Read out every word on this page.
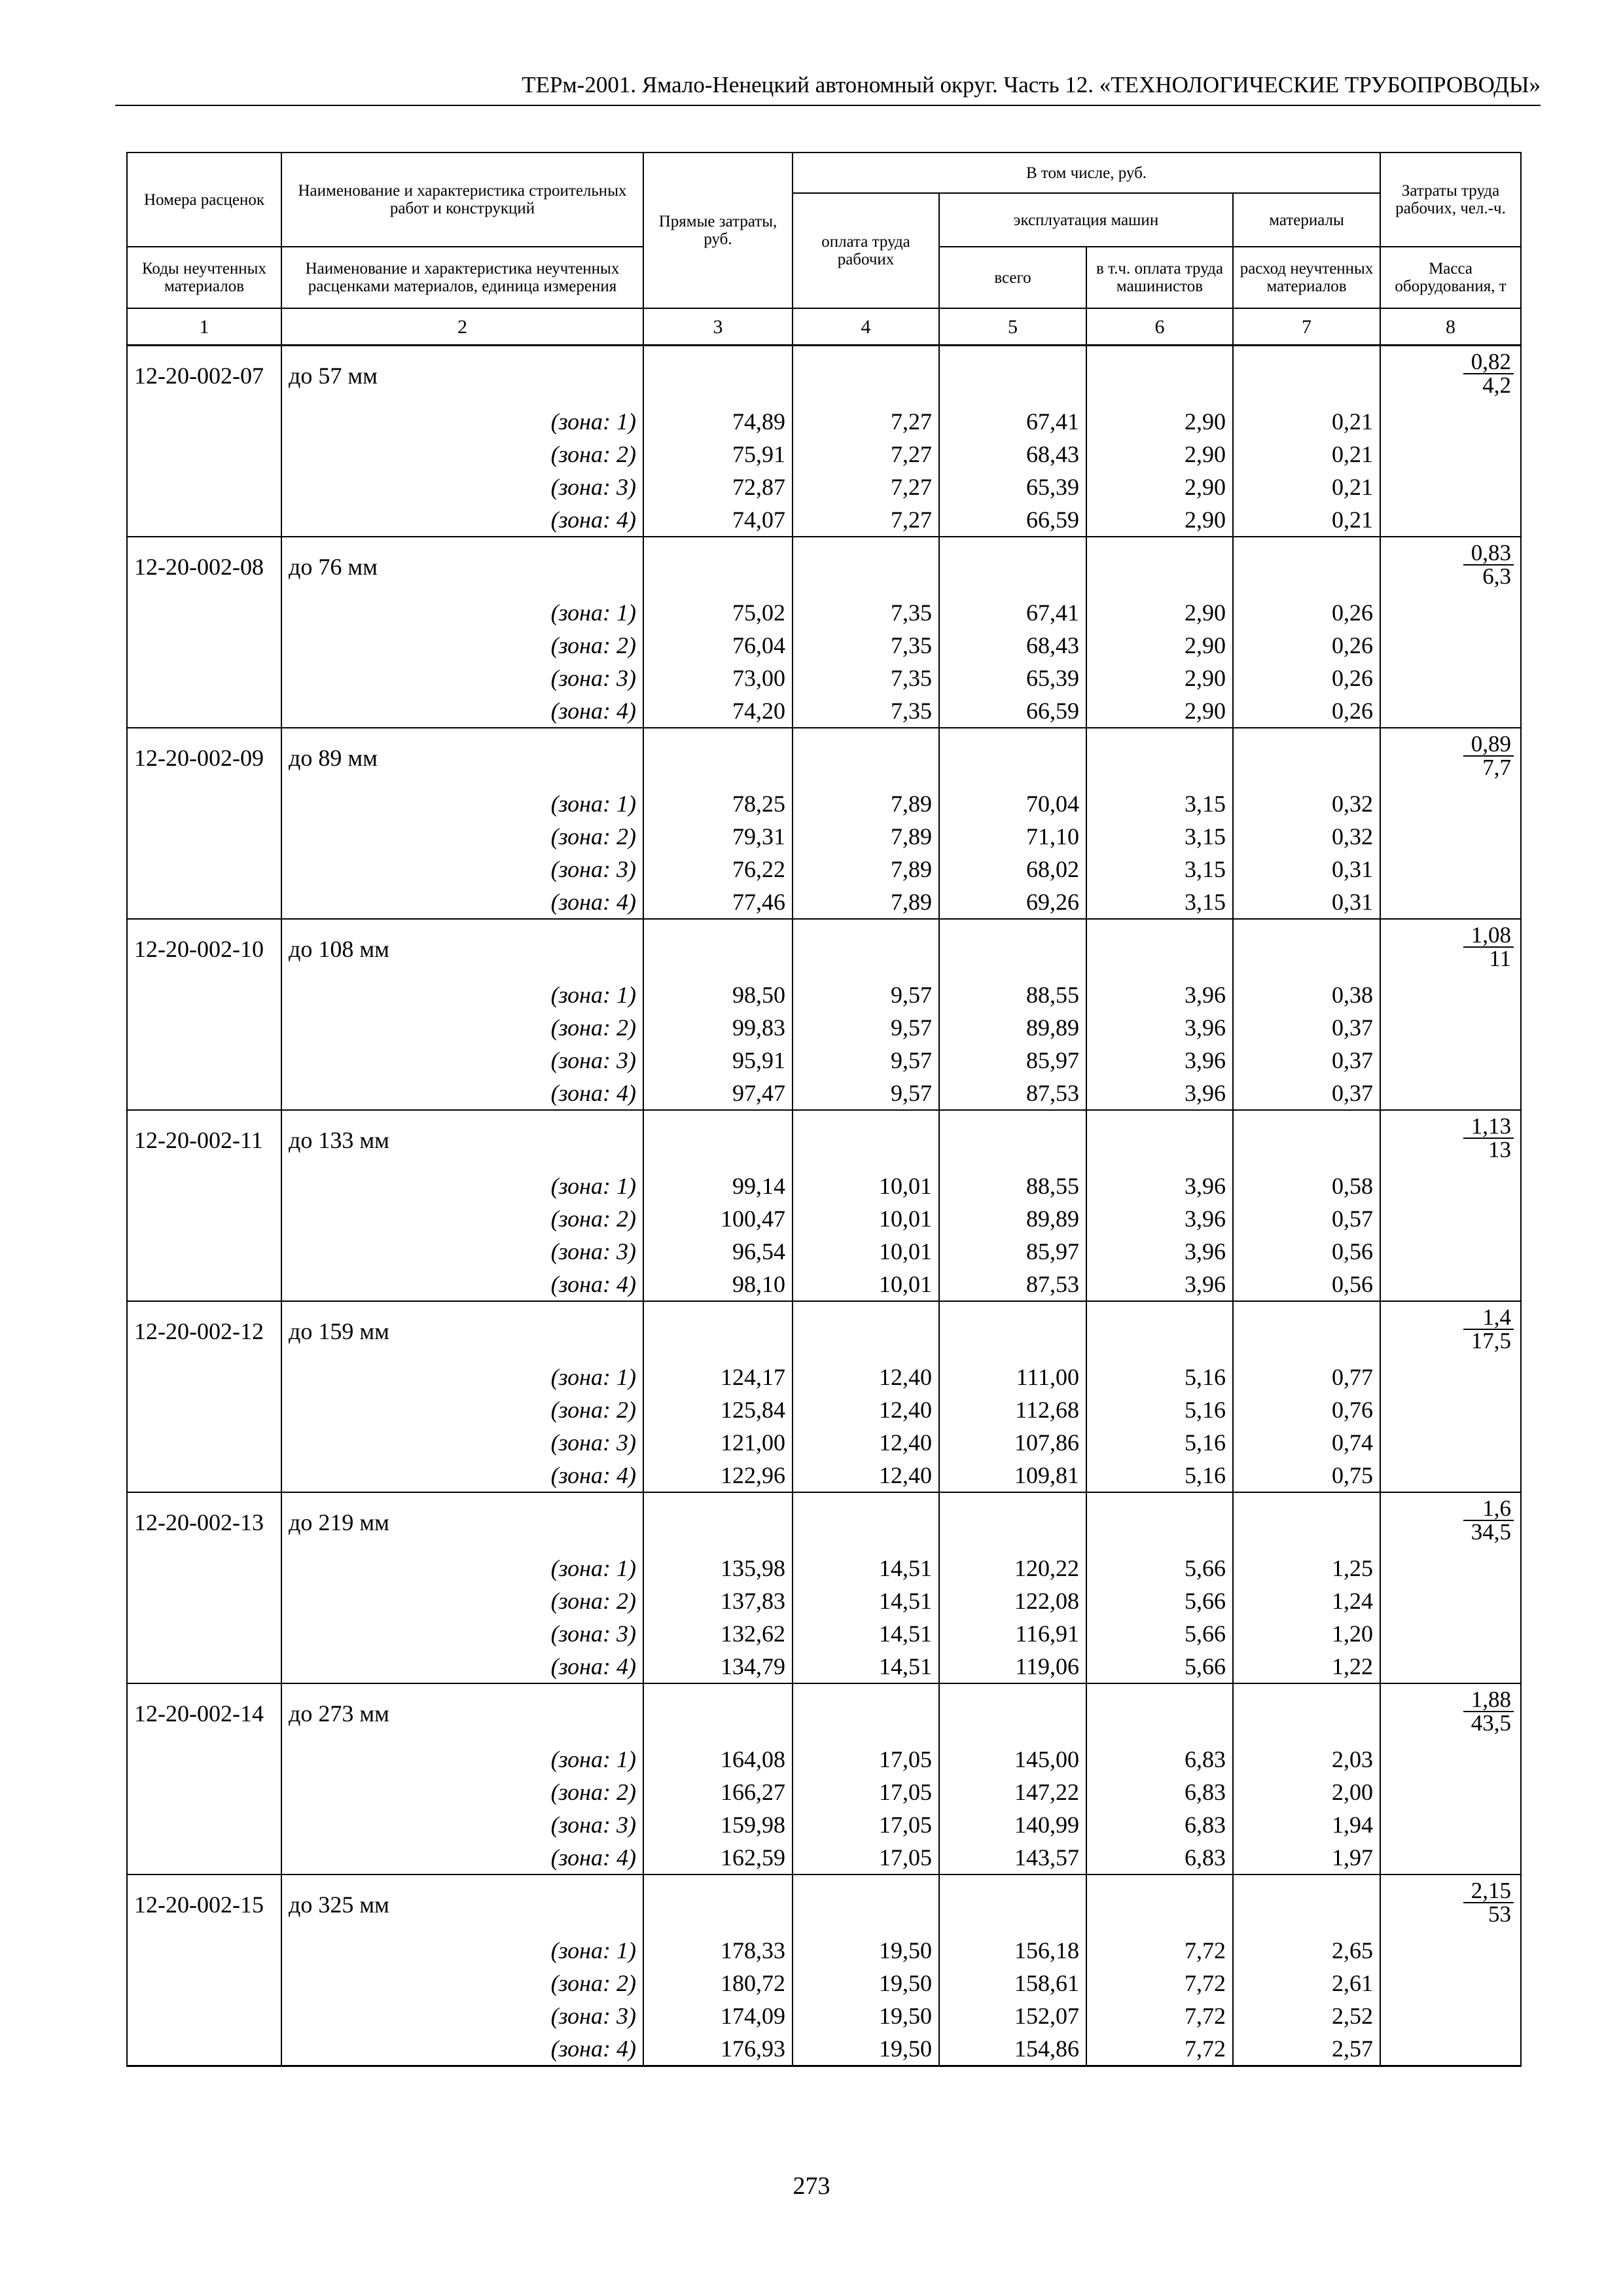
ТЕРм-2001. Ямало-Ненецкий автономный округ. Часть 12. «ТЕХНОЛОГИЧЕСКИЕ ТРУБОПРОВОДЫ»
Номера расценок	Наименование и характеристика строительных работ и конструкций	Прямые затраты, руб.	В том числе, руб.				Затраты труда рабочих, чел.-ч.
			оплата труда рабочих	эксплуатация машин		материалы	
Коды неучтенных материалов	Наименование и характеристика неучтенных расценками материалов, единица измерения			всего	в т.ч. оплата труда машинистов	расход неучтенных материалов	Масса оборудования, т
1	2	3	4	5	6	7	8
12-20-002-07	до 57 мм						$\frac{0,82}{4,2}$

	(зона: 1)	74,89	7,27	67,41	2,90	0,21	
	(зона: 2)	75,91	7,27	68,43	2,90	0,21	
	(зона: 3)	72,87	7,27	65,39	2,90	0,21	
	(зона: 4)	74,07	7,27	66,59	2,90	0,21	
12-20-002-08	до 76 мм						$\frac{0,83}{6,3}$

	(зона: 1)	75,02	7,35	67,41	2,90	0,26	
	(зона: 2)	76,04	7,35	68,43	2,90	0,26	
	(зона: 3)	73,00	7,35	65,39	2,90	0,26	
	(зона: 4)	74,20	7,35	66,59	2,90	0,26	
12-20-002-09	до 89 мм						$\frac{0,89}{7,7}$

	(зона: 1)	78,25	7,89	70,04	3,15	0,32	
	(зона: 2)	79,31	7,89	71,10	3,15	0,32	
	(зона: 3)	76,22	7,89	68,02	3,15	0,31	
	(зона: 4)	77,46	7,89	69,26	3,15	0,31	
12-20-002-10	до 108 мм						$\frac{1,08}{11}$

	(зона: 1)	98,50	9,57	88,55	3,96	0,38	
	(зона: 2)	99,83	9,57	89,89	3,96	0,37	
	(зона: 3)	95,91	9,57	85,97	3,96	0,37	
	(зона: 4)	97,47	9,57	87,53	3,96	0,37	
12-20-002-11	до 133 мм						$\frac{1,13}{13}$

	(зона: 1)	99,14	10,01	88,55	3,96	0,58	
	(зона: 2)	100,47	10,01	89,89	3,96	0,57	
	(зона: 3)	96,54	10,01	85,97	3,96	0,56	
	(зона: 4)	98,10	10,01	87,53	3,96	0,56	
12-20-002-12	до 159 мм						$\frac{1,4}{17,5}$

	(зона: 1)	124,17	12,40	111,00	5,16	0,77	
	(зона: 2)	125,84	12,40	112,68	5,16	0,76	
	(зона: 3)	121,00	12,40	107,86	5,16	0,74	
	(зона: 4)	122,96	12,40	109,81	5,16	0,75	
12-20-002-13	до 219 мм						$\frac{1,6}{34,5}$

	(зона: 1)	135,98	14,51	120,22	5,66	1,25	
	(зона: 2)	137,83	14,51	122,08	5,66	1,24	
	(зона: 3)	132,62	14,51	116,91	5,66	1,20	
	(зона: 4)	134,79	14,51	119,06	5,66	1,22	
12-20-002-14	до 273 мм						$\frac{1,88}{43,5}$

	(зона: 1)	164,08	17,05	145,00	6,83	2,03	
	(зона: 2)	166,27	17,05	147,22	6,83	2,00	
	(зона: 3)	159,98	17,05	140,99	6,83	1,94	
	(зона: 4)	162,59	17,05	143,57	6,83	1,97	
12-20-002-15	до 325 мм						$\frac{2,15}{53}$

	(зона: 1)	178,33	19,50	156,18	7,72	2,65	
	(зона: 2)	180,72	19,50	158,61	7,72	2,61	
	(зона: 3)	174,09	19,50	152,07	7,72	2,52	
	(зона: 4)	176,93	19,50	154,86	7,72	2,57	
273
